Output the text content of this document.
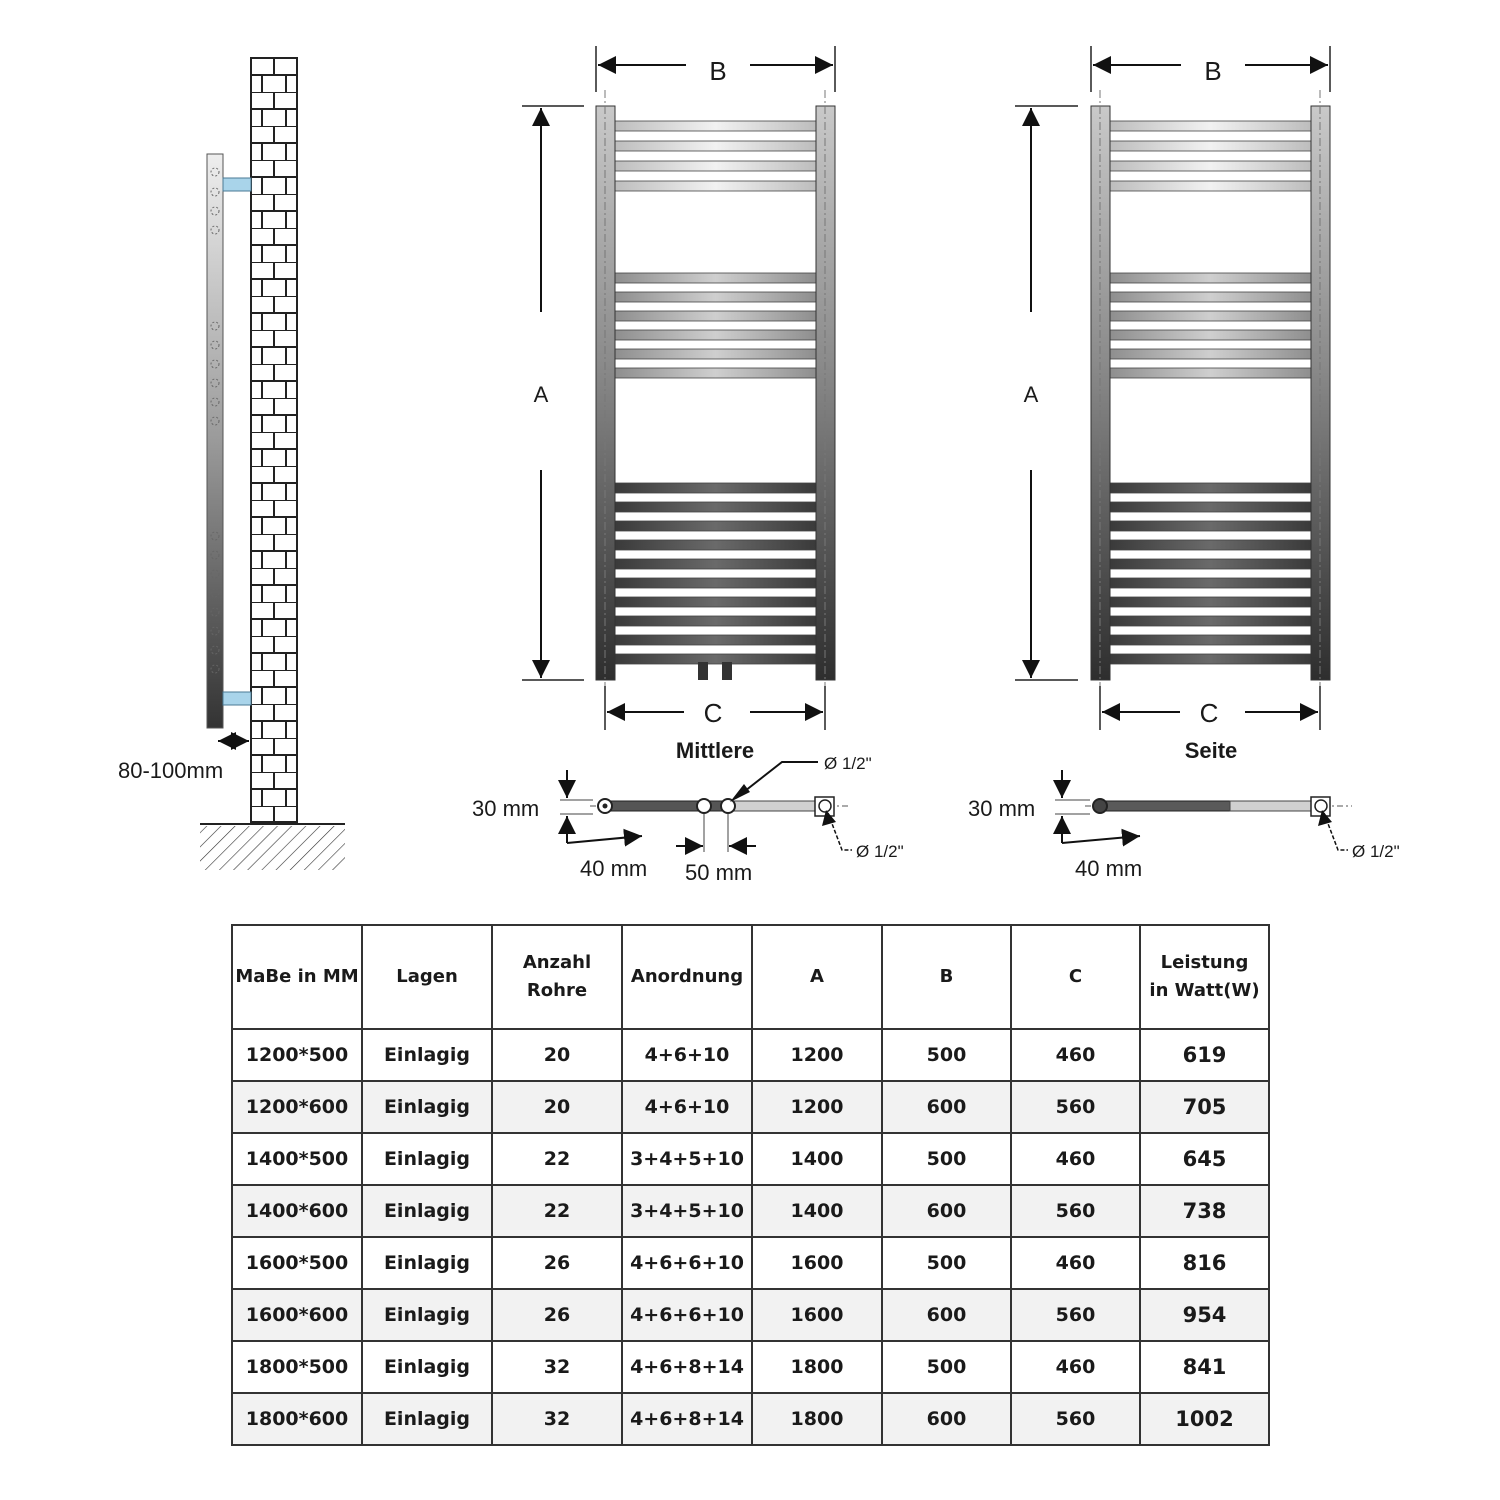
80-100mm
B
A
C
Mittlere
B
A
C
Seite
30 mm
40 mm 50 mm
Ø 1/2"
Ø 1/2"
30 mm
40 mm
Ø 1/2"
MaBe in MM	Lagen	Anzahl Rohre	Anordnung	A	B	C	Leistung in Watt(W)
1200*500	Einlagig	20	4+6+10	1200	500	460	619
1200*600	Einlagig	20	4+6+10	1200	600	560	705
1400*500	Einlagig	22	3+4+5+10	1400	500	460	645
1400*600	Einlagig	22	3+4+5+10	1400	600	560	738
1600*500	Einlagig	26	4+6+6+10	1600	500	460	816
1600*600	Einlagig	26	4+6+6+10	1600	600	560	954
1800*500	Einlagig	32	4+6+8+14	1800	500	460	841
1800*600	Einlagig	32	4+6+8+14	1800	600	560	1002
